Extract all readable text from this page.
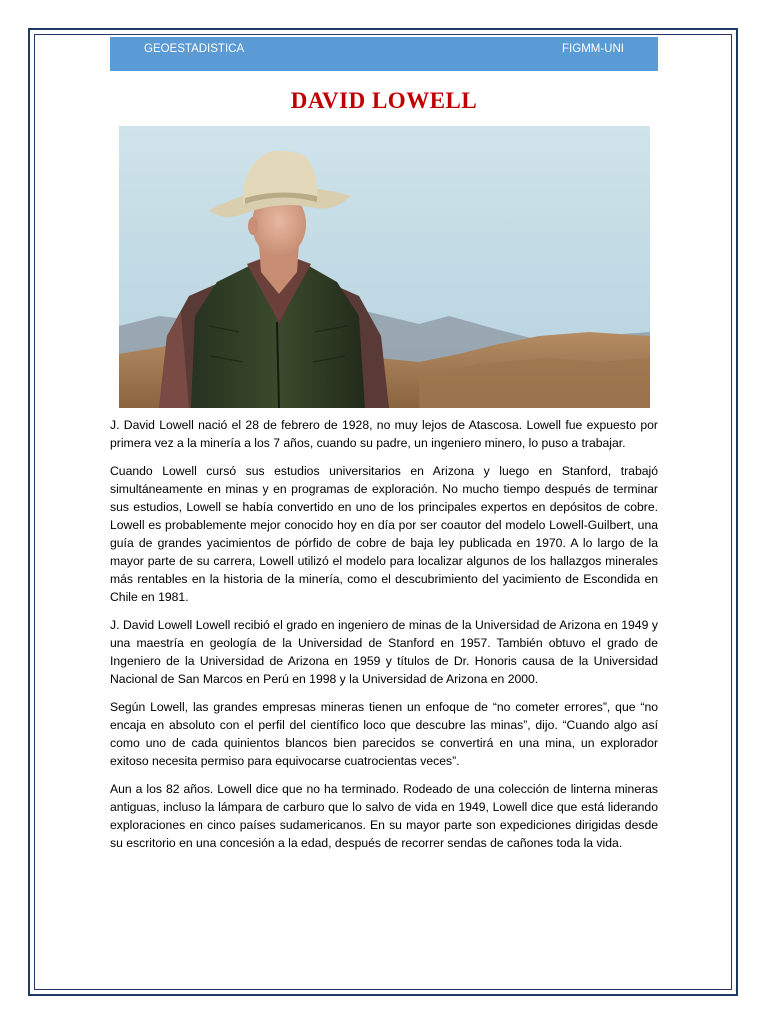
GEOESTADISTICA	FIGMM-UNI
DAVID LOWELL

J. David Lowell nació el 28 de febrero de 1928, no muy lejos de Atascosa. Lowell fue expuesto por primera vez a la minería a los 7 años, cuando su padre, un ingeniero minero, lo puso a trabajar.

Cuando Lowell cursó sus estudios universitarios en Arizona y luego en Stanford, trabajó simultáneamente en minas y en programas de exploración. No mucho tiempo después de terminar sus estudios, Lowell se había convertido en uno de los principales expertos en depósitos de cobre. Lowell es probablemente mejor conocido hoy en día por ser coautor del modelo Lowell-Guilbert, una guía de grandes yacimientos de pórfido de cobre de baja ley publicada en 1970. A lo largo de la mayor parte de su carrera, Lowell utilizó el modelo para localizar algunos de los hallazgos minerales más rentables en la historia de la minería, como el descubrimiento del yacimiento de Escondida en Chile en 1981.

J. David Lowell Lowell recibió el grado en ingeniero de minas de la Universidad de Arizona en 1949 y una maestría en geología de la Universidad de Stanford en 1957. También obtuvo el grado de Ingeniero de la Universidad de Arizona en 1959 y títulos de Dr. Honoris causa de la Universidad Nacional de San Marcos en Perú en 1998 y la Universidad de Arizona en 2000.

Según Lowell, las grandes empresas mineras tienen un enfoque de “no cometer errores”, que “no encaja en absoluto con el perfil del científico loco que descubre las minas”, dijo. “Cuando algo así como uno de cada quinientos blancos bien parecidos se convertirá en una mina, un explorador exitoso necesita permiso para equivocarse cuatrocientas veces”.

Aun a los 82 años. Lowell dice que no ha terminado. Rodeado de una colección de linterna mineras antiguas, incluso la lámpara de carburo que lo salvo de vida en 1949, Lowell dice que está liderando exploraciones en cinco países sudamericanos. En su mayor parte son expediciones dirigidas desde su escritorio en una concesión a la edad, después de recorrer sendas de cañones toda la vida.
